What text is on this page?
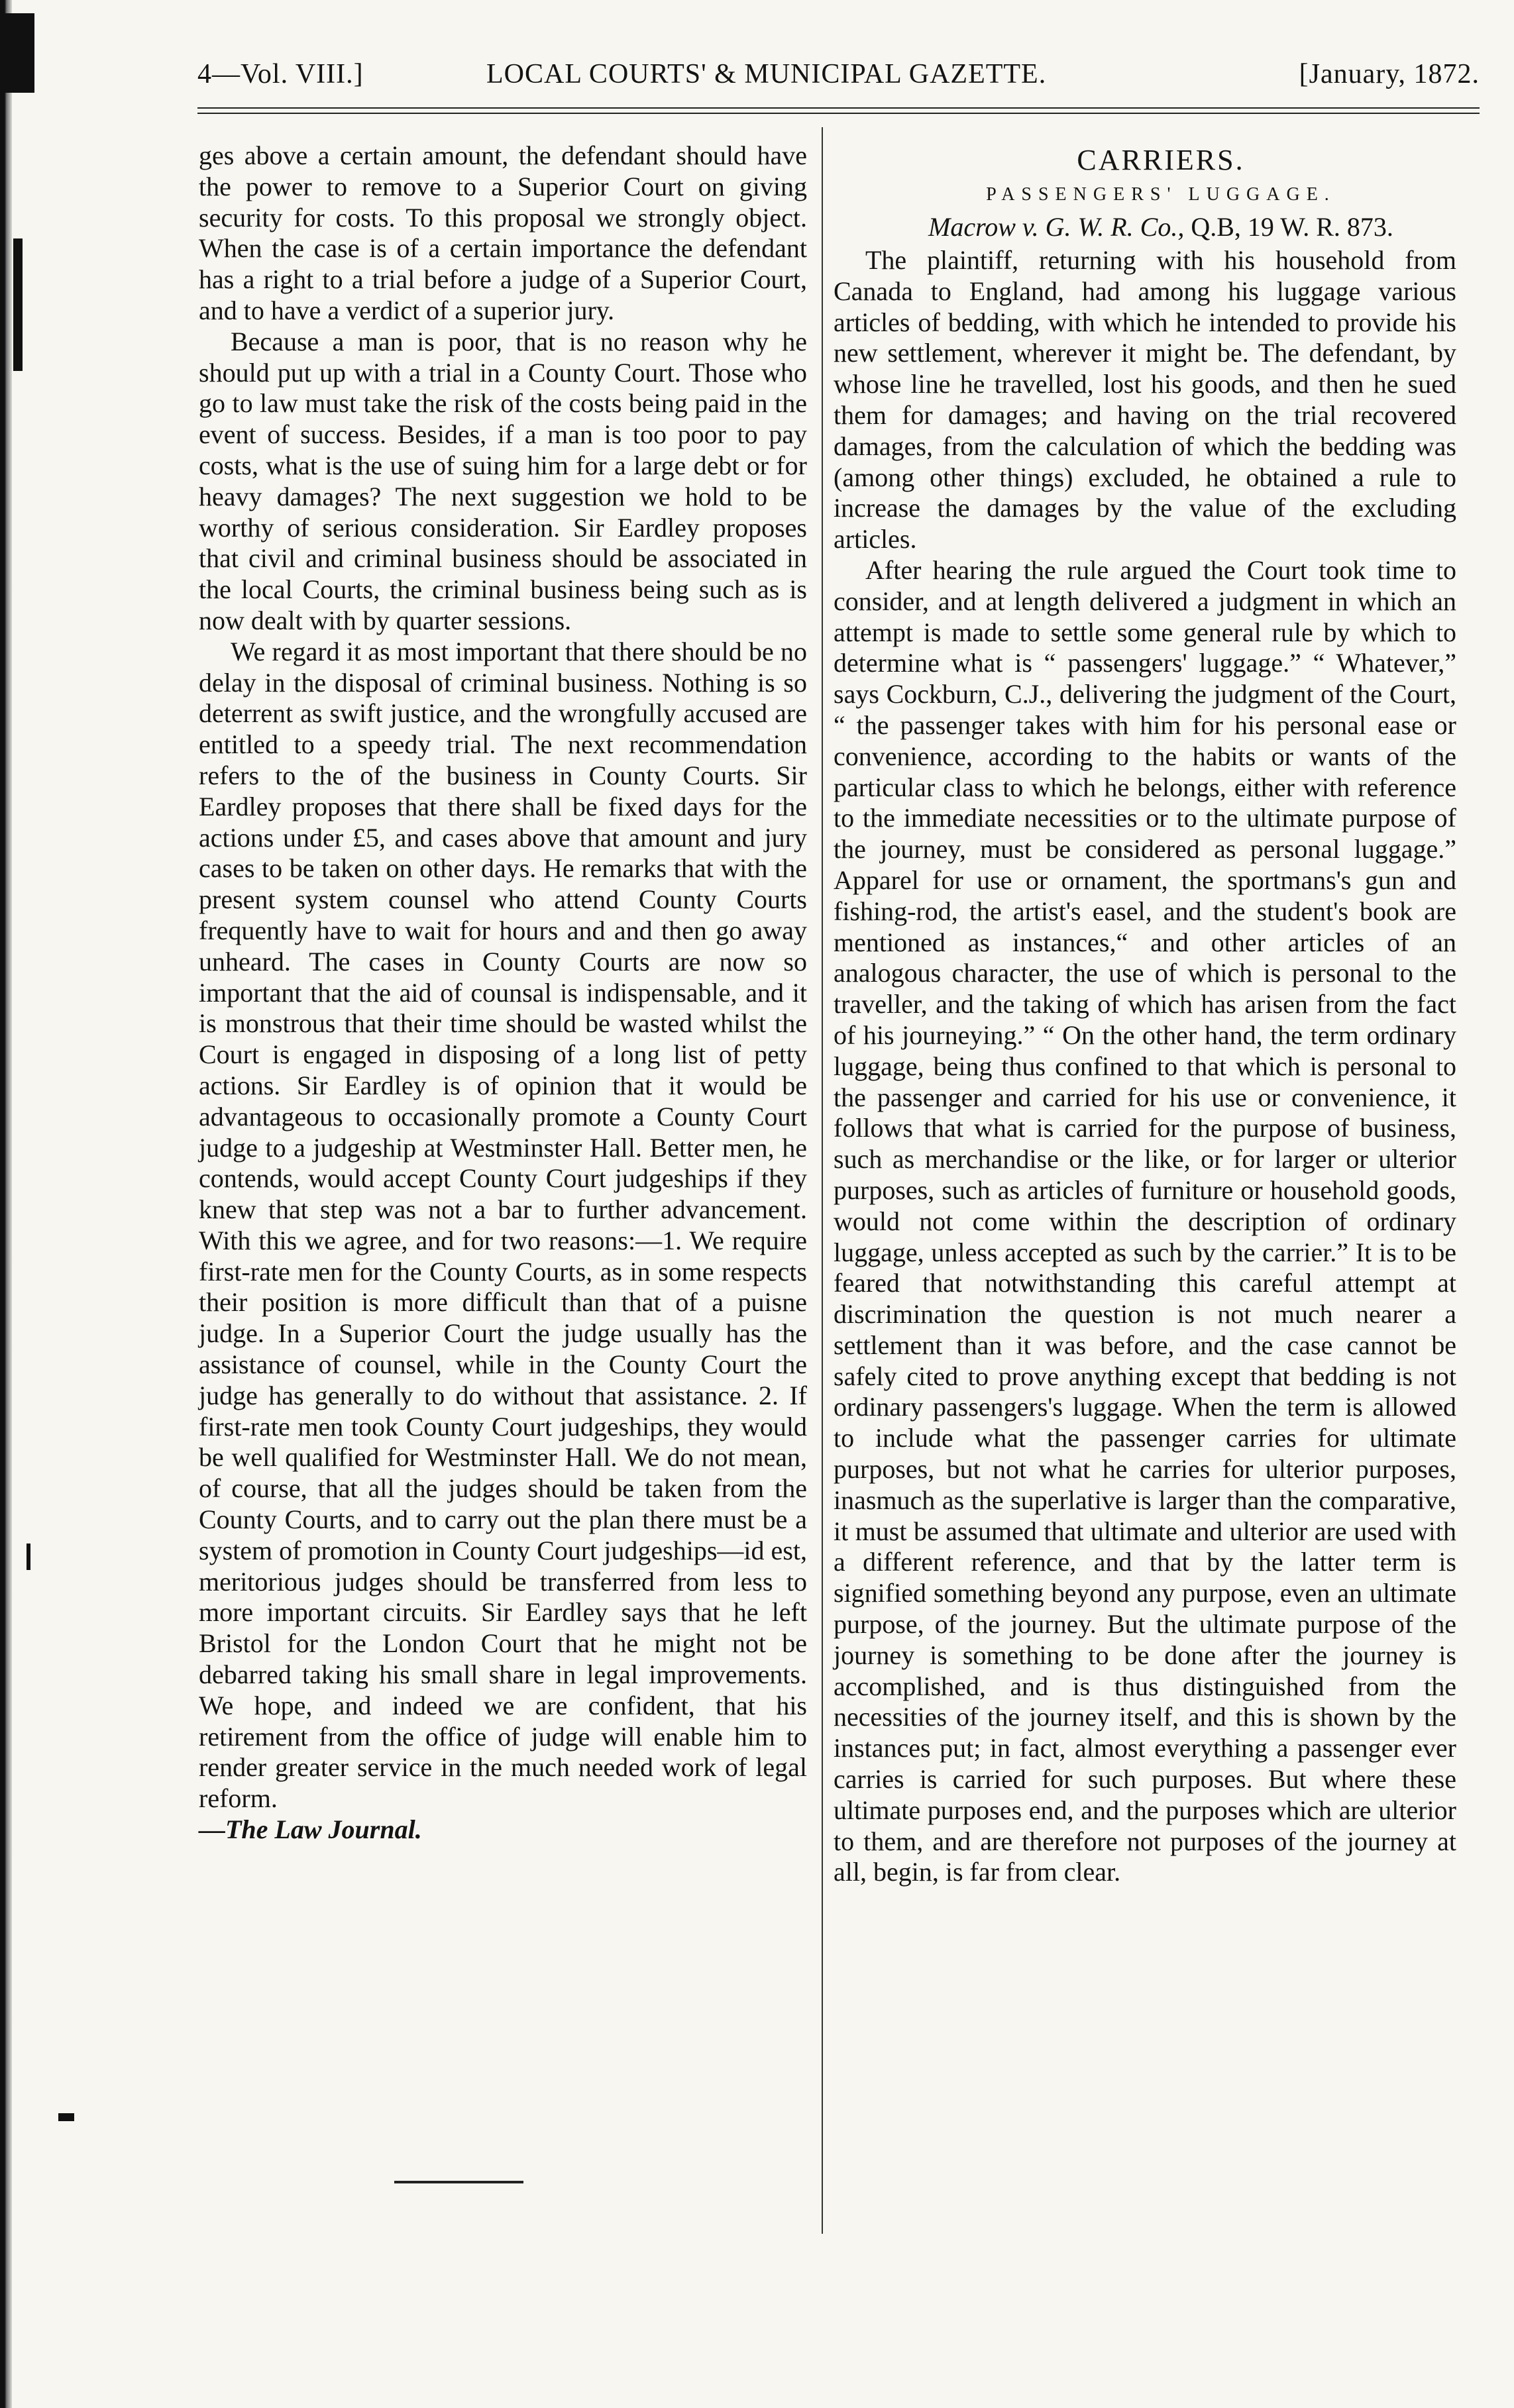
4—Vol. VIII.]	LOCAL COURTS' & MUNICIPAL GAZETTE.	[January, 1872.

ges above a certain amount, the defendant should have the power to remove to a Superior Court on giving security for costs. To this proposal we strongly object. When the case is of a certain importance the defendant has a right to a trial before a judge of a Superior Court, and to have a verdict of a superior jury.

Because a man is poor, that is no reason why he should put up with a trial in a County Court. Those who go to law must take the risk of the costs being paid in the event of success. Besides, if a man is too poor to pay costs, what is the use of suing him for a large debt or for heavy damages? The next suggestion we hold to be worthy of serious consideration. Sir Eardley proposes that civil and criminal business should be associated in the local Courts, the criminal business being such as is now dealt with by quarter sessions.

We regard it as most important that there should be no delay in the disposal of criminal business. Nothing is so deterrent as swift justice, and the wrongfully accused are entitled to a speedy trial. The next recommendation refers to the of the business in County Courts. Sir Eardley proposes that there shall be fixed days for the actions under £5, and cases above that amount and jury cases to be taken on other days. He remarks that with the present system counsel who attend County Courts frequently have to wait for hours and and then go away unheard. The cases in County Courts are now so important that the aid of counsal is indispensable, and it is monstrous that their time should be wasted whilst the Court is engaged in disposing of a long list of petty actions. Sir Eardley is of opinion that it would be advantageous to occasionally promote a County Court judge to a judgeship at Westminster Hall. Better men, he contends, would accept County Court judgeships if they knew that step was not a bar to further advancement. With this we agree, and for two reasons:—1. We require first-rate men for the County Courts, as in some respects their position is more difficult than that of a puisne judge. In a Superior Court the judge usually has the assistance of counsel, while in the County Court the judge has generally to do without that assistance. 2. If first-rate men took County Court judgeships, they would be well qualified for Westminster Hall. We do not mean, of course, that all the judges should be taken from the County Courts, and to carry out the plan there must be a system of promotion in County Court judgeships—id est, meritorious judges should be transferred from less to more important circuits. Sir Eardley says that he left Bristol for the London Court that he might not be debarred taking his small share in legal improvements. We hope, and indeed we are confident, that his retirement from the office of judge will enable him to render greater service in the much needed work of legal reform.

—The Law Journal.

CARRIERS.

PASSENGERS' LUGGAGE.

Macrow v. G. W. R. Co., Q.B, 19 W. R. 873.

The plaintiff, returning with his household from Canada to England, had among his luggage various articles of bedding, with which he intended to provide his new settlement, wherever it might be. The defendant, by whose line he travelled, lost his goods, and then he sued them for damages; and having on the trial recovered damages, from the calculation of which the bedding was (among other things) excluded, he obtained a rule to increase the damages by the value of the excluding articles.

After hearing the rule argued the Court took time to consider, and at length delivered a judgment in which an attempt is made to settle some general rule by which to determine what is “ passengers' luggage.” “ Whatever,” says Cockburn, C.J., delivering the judgment of the Court, “ the passenger takes with him for his personal ease or convenience, according to the habits or wants of the particular class to which he belongs, either with reference to the immediate necessities or to the ultimate purpose of the journey, must be considered as personal luggage.” Apparel for use or ornament, the sportmans's gun and fishing-rod, the artist's easel, and the student's book are mentioned as instances,“ and other articles of an analogous character, the use of which is personal to the traveller, and the taking of which has arisen from the fact of his journeying.” “ On the other hand, the term ordinary luggage, being thus confined to that which is personal to the passenger and carried for his use or convenience, it follows that what is carried for the purpose of business, such as merchandise or the like, or for larger or ulterior purposes, such as articles of furniture or household goods, would not come within the description of ordinary luggage, unless accepted as such by the carrier.” It is to be feared that notwithstanding this careful attempt at discrimination the question is not much nearer a settlement than it was before, and the case cannot be safely cited to prove anything except that bedding is not ordinary passengers's luggage. When the term is allowed to include what the passenger carries for ultimate purposes, but not what he carries for ulterior purposes, inasmuch as the superlative is larger than the comparative, it must be assumed that ultimate and ulterior are used with a different reference, and that by the latter term is signified something beyond any purpose, even an ultimate purpose, of the journey. But the ultimate purpose of the journey is something to be done after the journey is accomplished, and is thus distinguished from the necessities of the journey itself, and this is shown by the instances put; in fact, almost everything a passenger ever carries is carried for such purposes. But where these ultimate purposes end, and the purposes which are ulterior to them, and are therefore not purposes of the journey at all, begin, is far from clear.
